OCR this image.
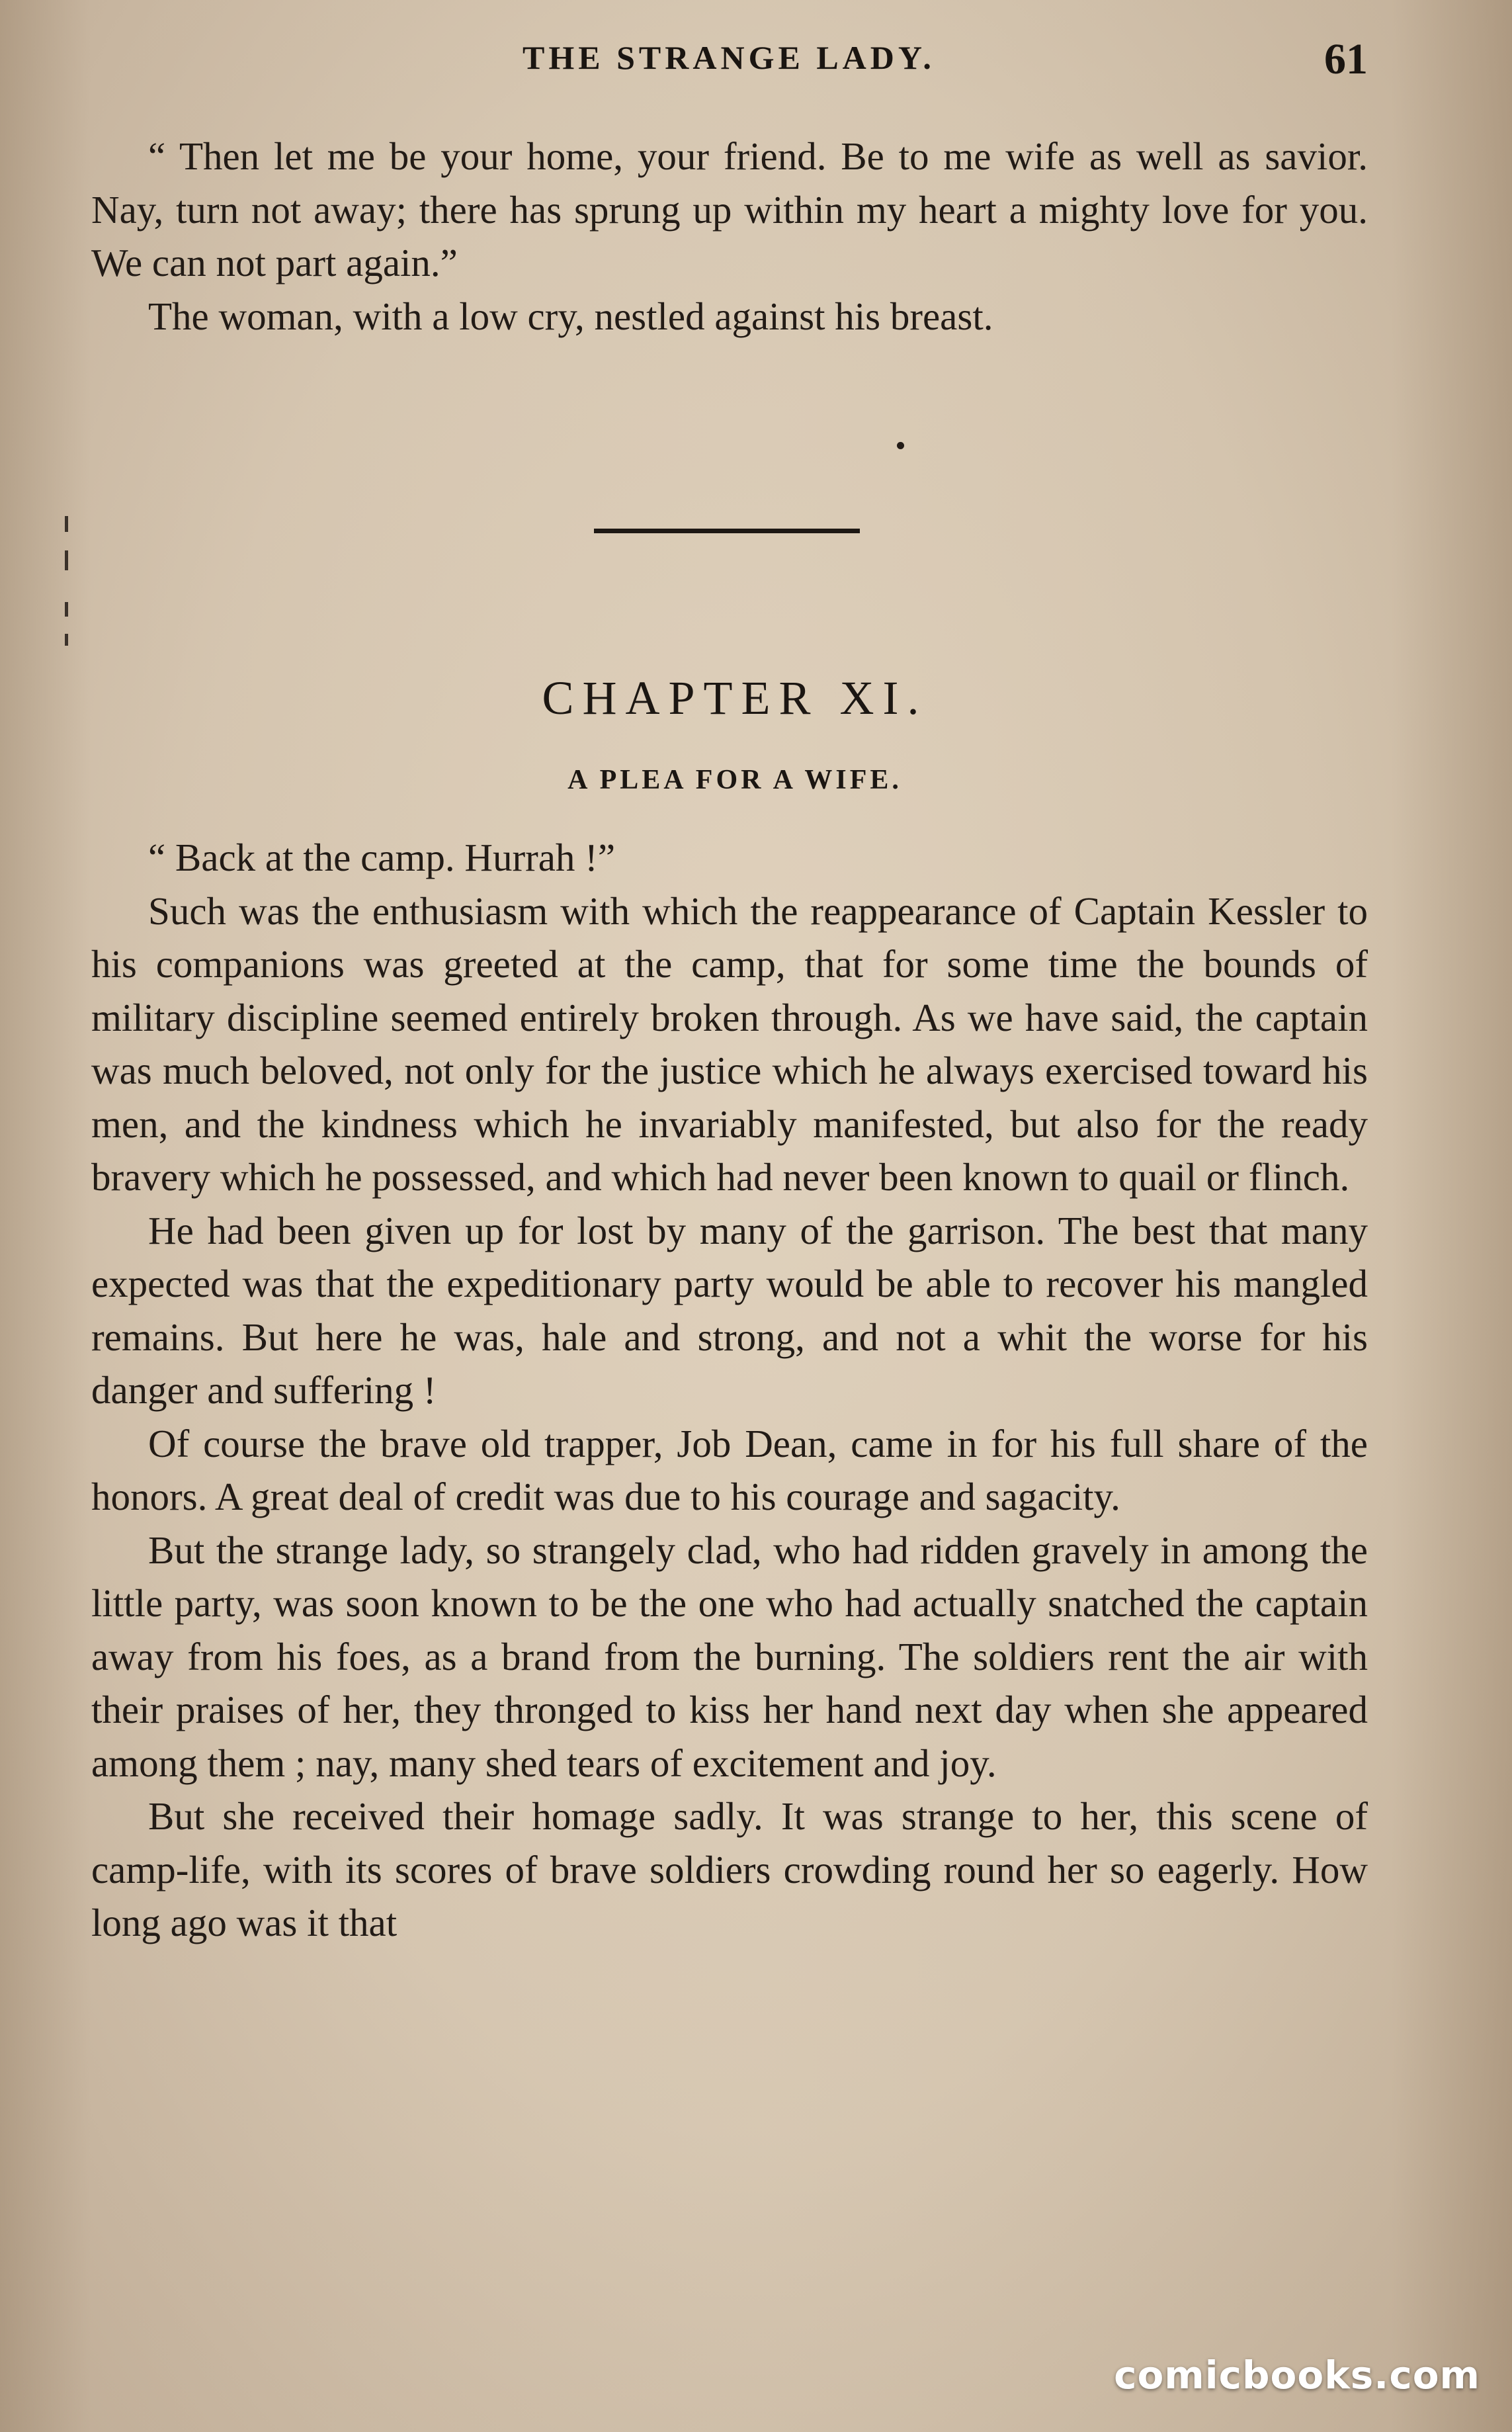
THE STRANGE LADY.	61

“ Then let me be your home, your friend. Be to me wife as well as savior. Nay, turn not away; there has sprung up within my heart a mighty love for you. We can not part again.”

The woman, with a low cry, nestled against his breast.

CHAPTER XI.
A PLEA FOR A WIFE.

“ Back at the camp. Hurrah !”

Such was the enthusiasm with which the reappearance of Captain Kessler to his companions was greeted at the camp, that for some time the bounds of military discipline seemed entirely broken through. As we have said, the captain was much beloved, not only for the justice which he always exercised toward his men, and the kindness which he invariably manifested, but also for the ready bravery which he possessed, and which had never been known to quail or flinch.

He had been given up for lost by many of the garrison. The best that many expected was that the expeditionary party would be able to recover his mangled remains. But here he was, hale and strong, and not a whit the worse for his danger and suffering !

Of course the brave old trapper, Job Dean, came in for his full share of the honors. A great deal of credit was due to his courage and sagacity.

But the strange lady, so strangely clad, who had ridden gravely in among the little party, was soon known to be the one who had actually snatched the captain away from his foes, as a brand from the burning. The soldiers rent the air with their praises of her, they thronged to kiss her hand next day when she appeared among them ; nay, many shed tears of excitement and joy.

But she received their homage sadly. It was strange to her, this scene of camp-life, with its scores of brave soldiers crowding round her so eagerly. How long ago was it that

comicbooks.com
